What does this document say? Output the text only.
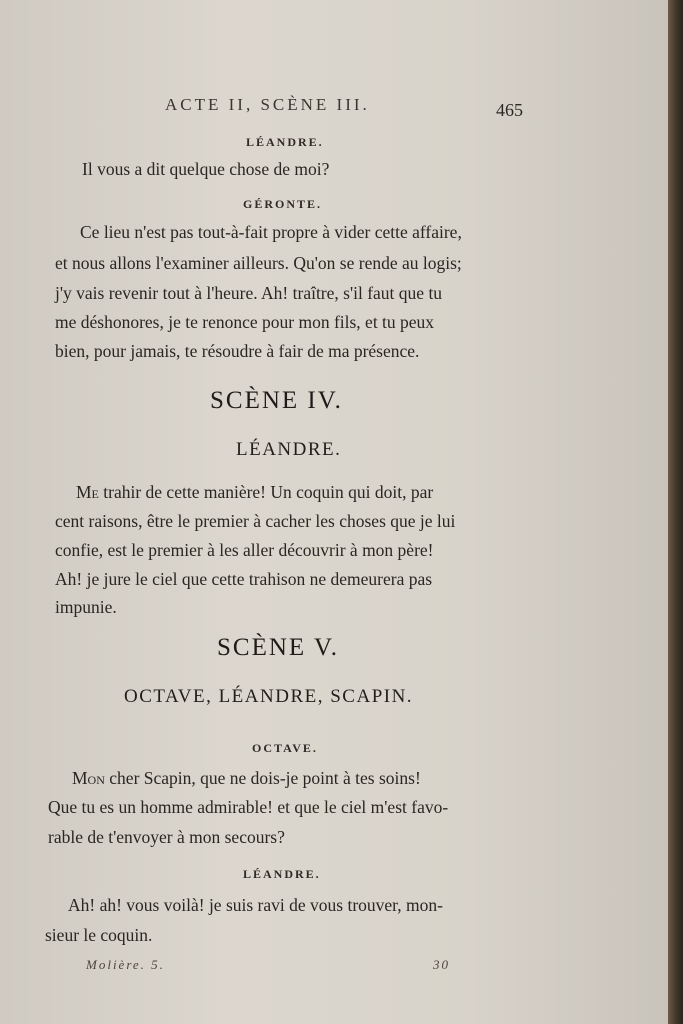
ACTE II, SCÈNE III.	465
LÉANDRE.
Il vous a dit quelque chose de moi?
GÉRONTE.
Ce lieu n'est pas tout-à-fait propre à vider cette affaire,
et nous allons l'examiner ailleurs. Qu'on se rende au logis;
j'y vais revenir tout à l'heure. Ah! traître, s'il faut que tu
me déshonores, je te renonce pour mon fils, et tu peux
bien, pour jamais, te résoudre à fair de ma présence.
SCÈNE IV.
LÉANDRE.
Me trahir de cette manière! Un coquin qui doit, par
cent raisons, être le premier à cacher les choses que je lui
confie, est le premier à les aller découvrir à mon père!
Ah! je jure le ciel que cette trahison ne demeurera pas
impunie.
SCÈNE V.
OCTAVE, LÉANDRE, SCAPIN.
OCTAVE.
Mon cher Scapin, que ne dois-je point à tes soins!
Que tu es un homme admirable! et que le ciel m'est favo-
rable de t'envoyer à mon secours?
LÉANDRE.
Ah! ah! vous voilà! je suis ravi de vous trouver, mon-
sieur le coquin.
Molière. 5.	30
